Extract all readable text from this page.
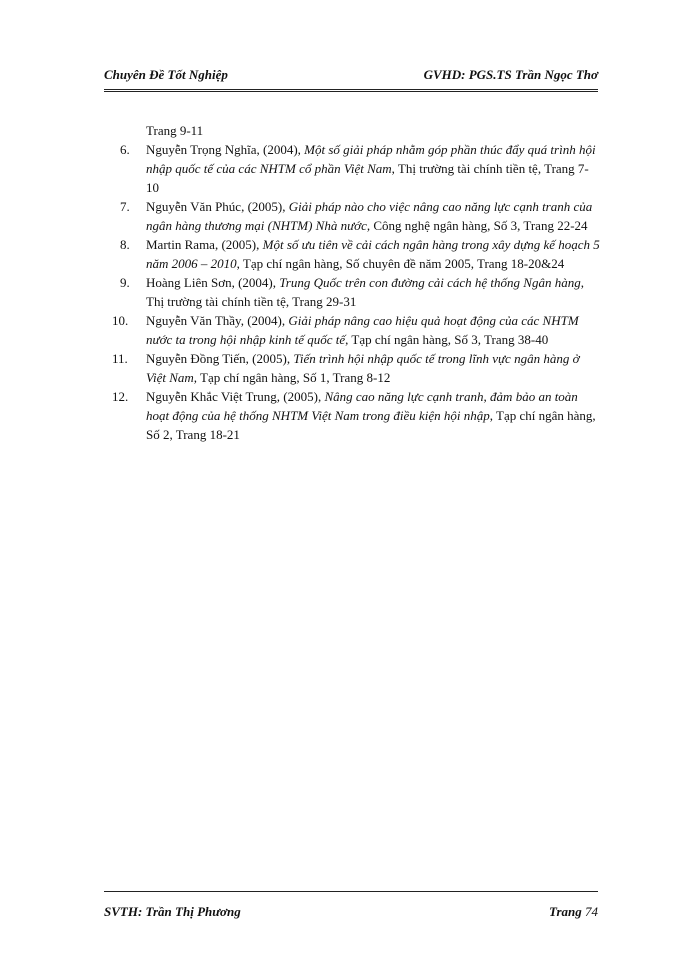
Chuyên Đề Tốt Nghiệp	GVHD: PGS.TS Trần Ngọc Thơ

Trang 9-11

6. Nguyễn Trọng Nghĩa, (2004), Một số giải pháp nhằm góp phần thúc đẩy quá trình hội nhập quốc tế của các NHTM cổ phần Việt Nam, Thị trường tài chính tiền tệ, Trang 7-10

7. Nguyễn Văn Phúc, (2005), Giải pháp nào cho việc nâng cao năng lực cạnh tranh của ngân hàng thương mại (NHTM) Nhà nước, Công nghệ ngân hàng, Số 3, Trang 22-24

8. Martin Rama, (2005), Một số ưu tiên về cải cách ngân hàng trong xây dựng kế hoạch 5 năm 2006 – 2010, Tạp chí ngân hàng, Số chuyên đề năm 2005, Trang 18-20&24

9. Hoàng Liên Sơn, (2004), Trung Quốc trên con đường cải cách hệ thống Ngân hàng, Thị trường tài chính tiền tệ, Trang 29-31

10. Nguyễn Văn Thầy, (2004), Giải pháp nâng cao hiệu quả hoạt động của các NHTM nước ta trong hội nhập kinh tế quốc tế, Tạp chí ngân hàng, Số 3, Trang 38-40

11. Nguyễn Đồng Tiến, (2005), Tiến trình hội nhập quốc tế trong lĩnh vực ngân hàng ở Việt Nam, Tạp chí ngân hàng, Số 1, Trang 8-12

12. Nguyễn Khắc Việt Trung, (2005), Nâng cao năng lực cạnh tranh, đảm bảo an toàn hoạt động của hệ thống NHTM Việt Nam trong điều kiện hội nhập, Tạp chí ngân hàng, Số 2, Trang 18-21

SVTH: Trần Thị Phương	Trang 74
